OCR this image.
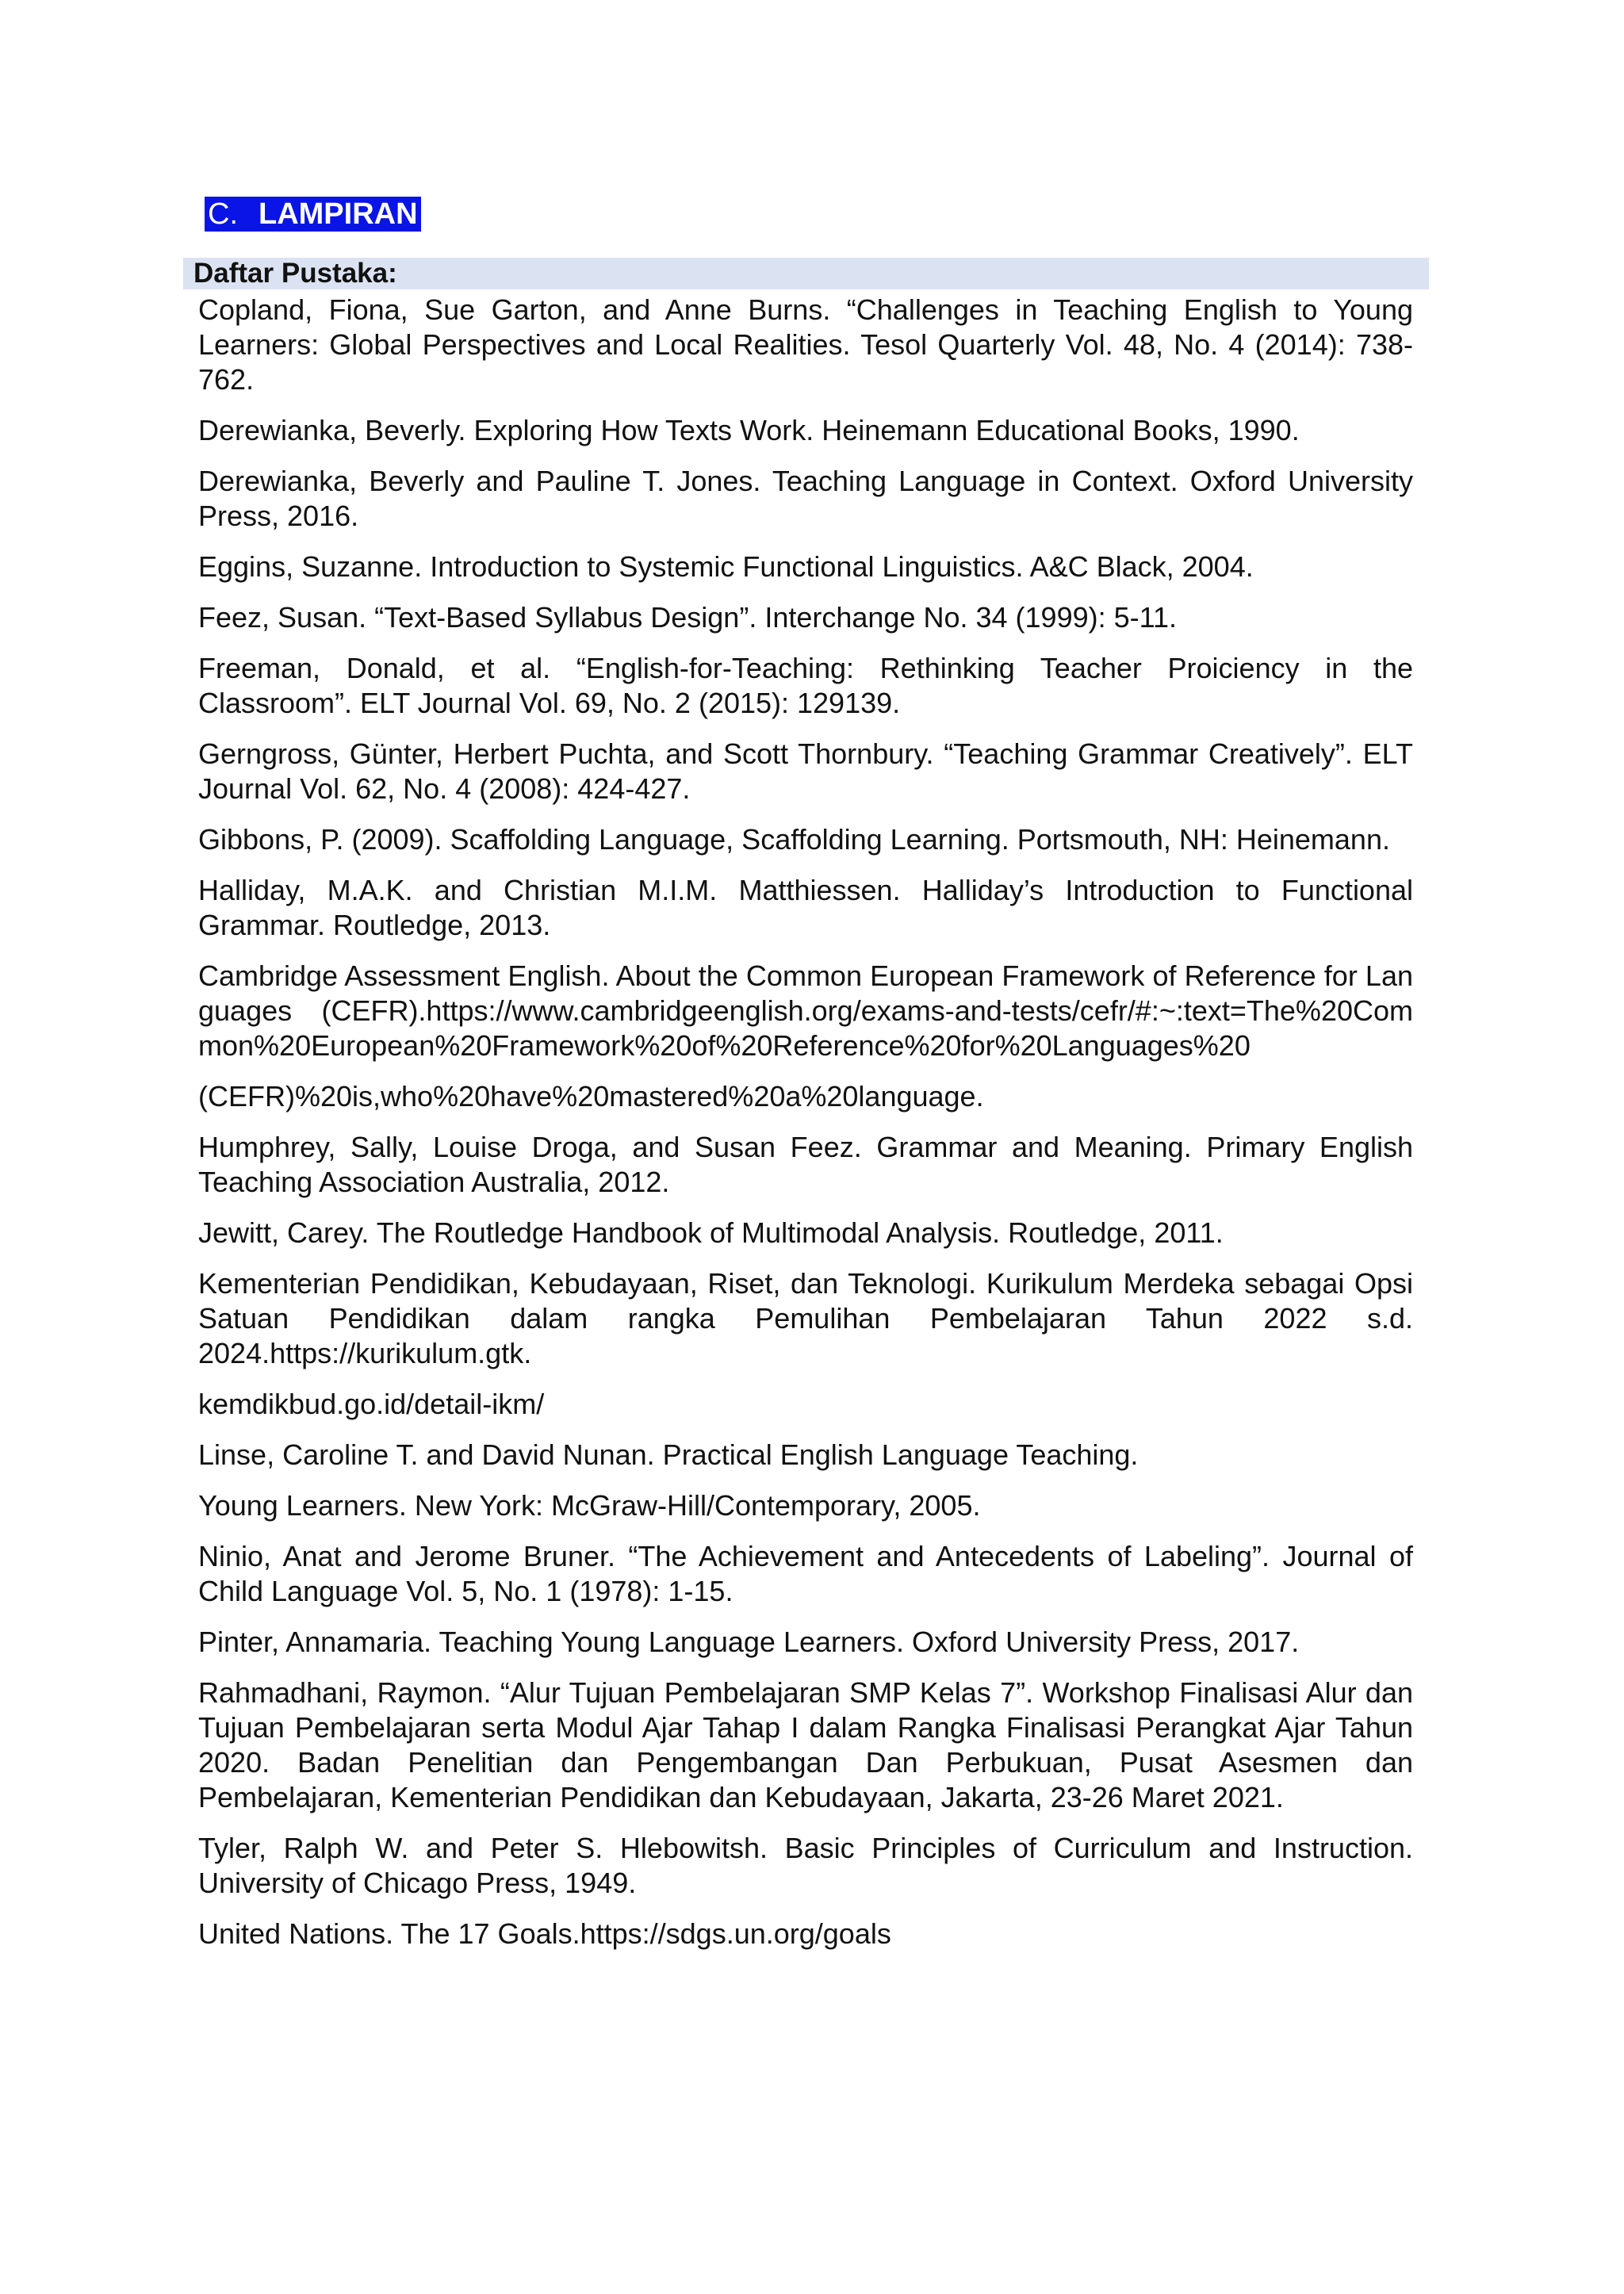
C. LAMPIRAN
Daftar Pustaka:

Copland, Fiona, Sue Garton, and Anne Burns. “Challenges in Teaching English to Young Learners: Global Perspectives and Local Realities. Tesol Quarterly Vol. 48, No. 4 (2014): 738-762.

Derewianka, Beverly. Exploring How Texts Work. Heinemann Educational Books, 1990.

Derewianka, Beverly and Pauline T. Jones. Teaching Language in Context. Oxford University Press, 2016.

Eggins, Suzanne. Introduction to Systemic Functional Linguistics. A&C Black, 2004.

Feez, Susan. “Text-Based Syllabus Design”. Interchange No. 34 (1999): 5-11.

Freeman, Donald, et al. “English-for-Teaching: Rethinking Teacher Proiciency in the Classroom”. ELT Journal Vol. 69, No. 2 (2015): 129139.

Gerngross, Günter, Herbert Puchta, and Scott Thornbury. “Teaching Grammar Creatively”. ELT Journal Vol. 62, No. 4 (2008): 424-427.

Gibbons, P. (2009). Scaffolding Language, Scaffolding Learning. Portsmouth, NH: Heinemann.

Halliday, M.A.K. and Christian M.I.M. Matthiessen. Halliday’s Introduction to Functional Grammar. Routledge, 2013.

Cambridge Assessment English. About the Common European Framework of Reference for Languages (CEFR).https://www.cambridgeenglish.org/exams-and-tests/cefr/#:~:text=The%20Common%20European%20Framework%20of%20Reference%20for%20Languages%20

(CEFR)%20is,who%20have%20mastered%20a%20language.

Humphrey, Sally, Louise Droga, and Susan Feez. Grammar and Meaning. Primary English Teaching Association Australia, 2012.

Jewitt, Carey. The Routledge Handbook of Multimodal Analysis. Routledge, 2011.

Kementerian Pendidikan, Kebudayaan, Riset, dan Teknologi. Kurikulum Merdeka sebagai Opsi Satuan Pendidikan dalam rangka Pemulihan Pembelajaran Tahun 2022 s.d. 2024.https://kurikulum.gtk.

kemdikbud.go.id/detail-ikm/

Linse, Caroline T. and David Nunan. Practical English Language Teaching.

Young Learners. New York: McGraw-Hill/Contemporary, 2005.

Ninio, Anat and Jerome Bruner. “The Achievement and Antecedents of Labeling”. Journal of Child Language Vol. 5, No. 1 (1978): 1-15.

Pinter, Annamaria. Teaching Young Language Learners. Oxford University Press, 2017.

Rahmadhani, Raymon. “Alur Tujuan Pembelajaran SMP Kelas 7”. Workshop Finalisasi Alur dan Tujuan Pembelajaran serta Modul Ajar Tahap I dalam Rangka Finalisasi Perangkat Ajar Tahun 2020. Badan Penelitian dan Pengembangan Dan Perbukuan, Pusat Asesmen dan Pembelajaran, Kementerian Pendidikan dan Kebudayaan, Jakarta, 23-26 Maret 2021.

Tyler, Ralph W. and Peter S. Hlebowitsh. Basic Principles of Curriculum and Instruction. University of Chicago Press, 1949.

United Nations. The 17 Goals.https://sdgs.un.org/goals
